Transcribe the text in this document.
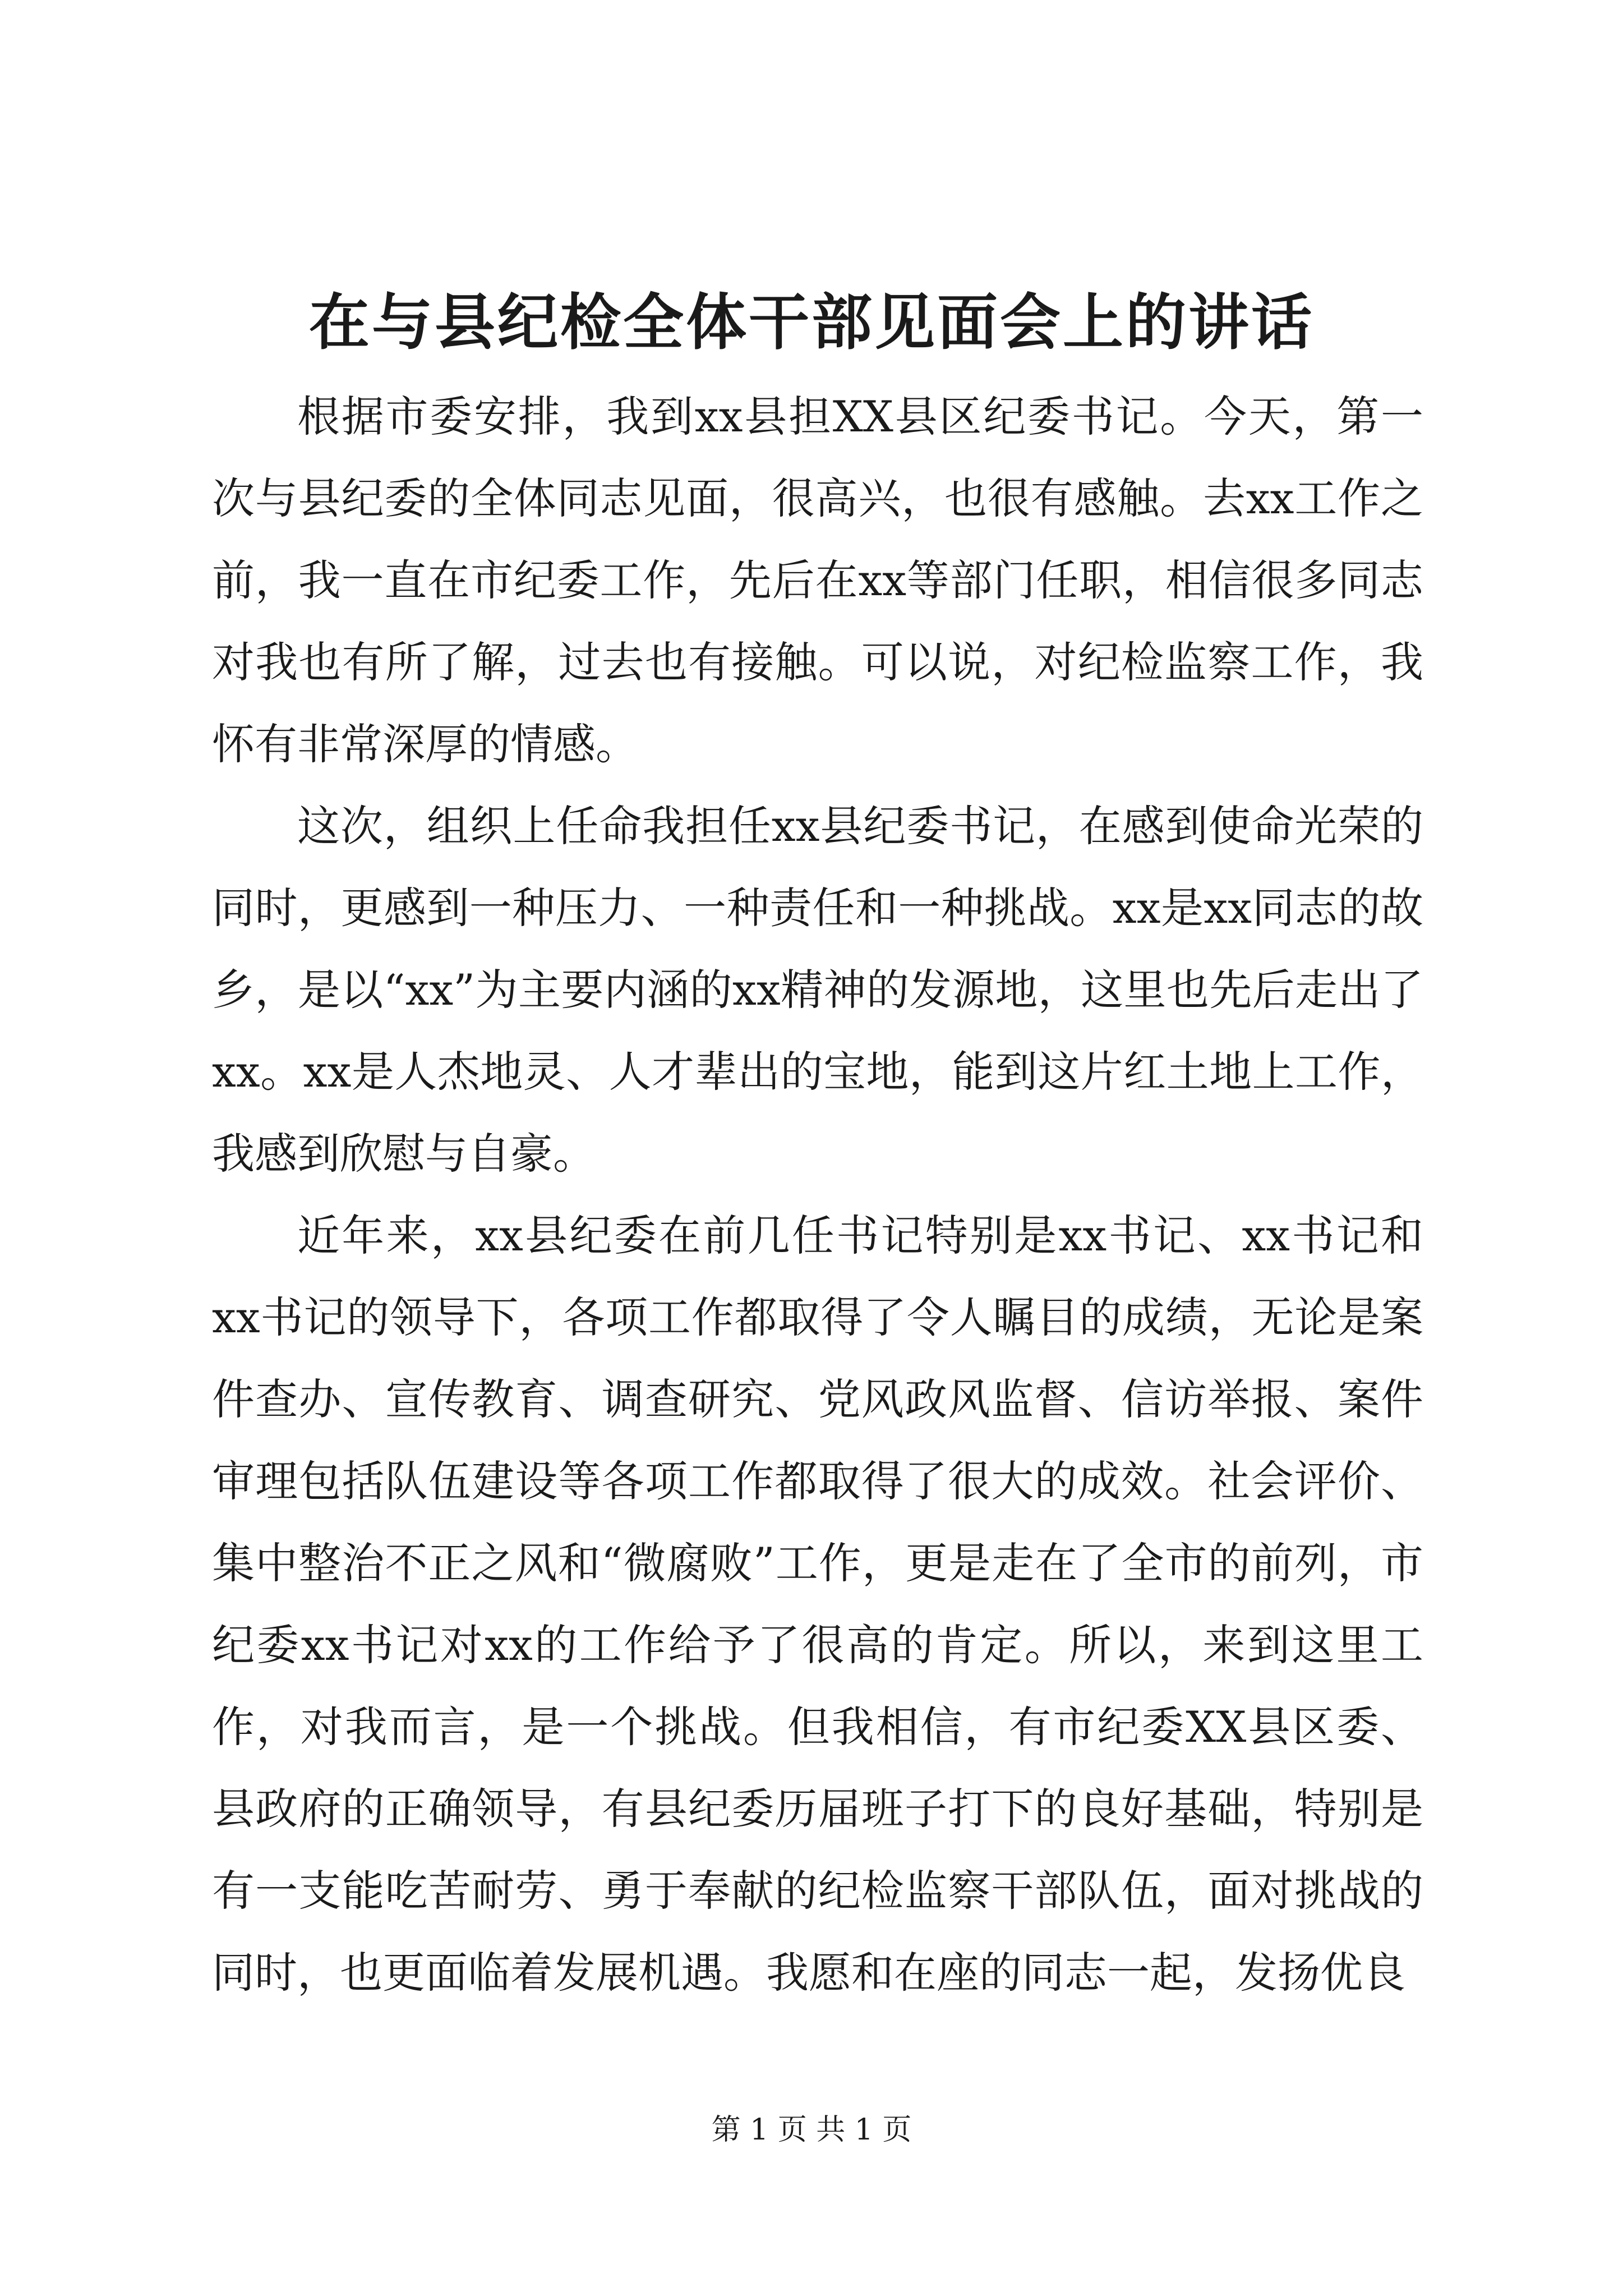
在与县纪检全体干部见面会上的讲话

根据市委安排，我到xx县担XX县区纪委书记。今天，第一次与县纪委的全体同志见面，很高兴，也很有感触。去xx工作之前，我一直在市纪委工作，先后在xx等部门任职，相信很多同志对我也有所了解，过去也有接触。可以说，对纪检监察工作，我怀有非常深厚的情感。

这次，组织上任命我担任xx县纪委书记，在感到使命光荣的同时，更感到一种压力、一种责任和一种挑战。xx是xx同志的故乡，是以“xx”为主要内涵的xx精神的发源地，这里也先后走出了xx。xx是人杰地灵、人才辈出的宝地，能到这片红土地上工作，我感到欣慰与自豪。

近年来，xx县纪委在前几任书记特别是xx书记、xx书记和xx书记的领导下，各项工作都取得了令人瞩目的成绩，无论是案件查办、宣传教育、调查研究、党风政风监督、信访举报、案件审理包括队伍建设等各项工作都取得了很大的成效。社会评价、集中整治不正之风和“微腐败”工作，更是走在了全市的前列，市纪委xx书记对xx的工作给予了很高的肯定。所以，来到这里工作，对我而言，是一个挑战。但我相信，有市纪委XX县区委、县政府的正确领导，有县纪委历届班子打下的良好基础，特别是有一支能吃苦耐劳、勇于奉献的纪检监察干部队伍，面对挑战的同时，也更面临着发展机遇。我愿和在座的同志一起，发扬优良

第 1 页 共 1 页
